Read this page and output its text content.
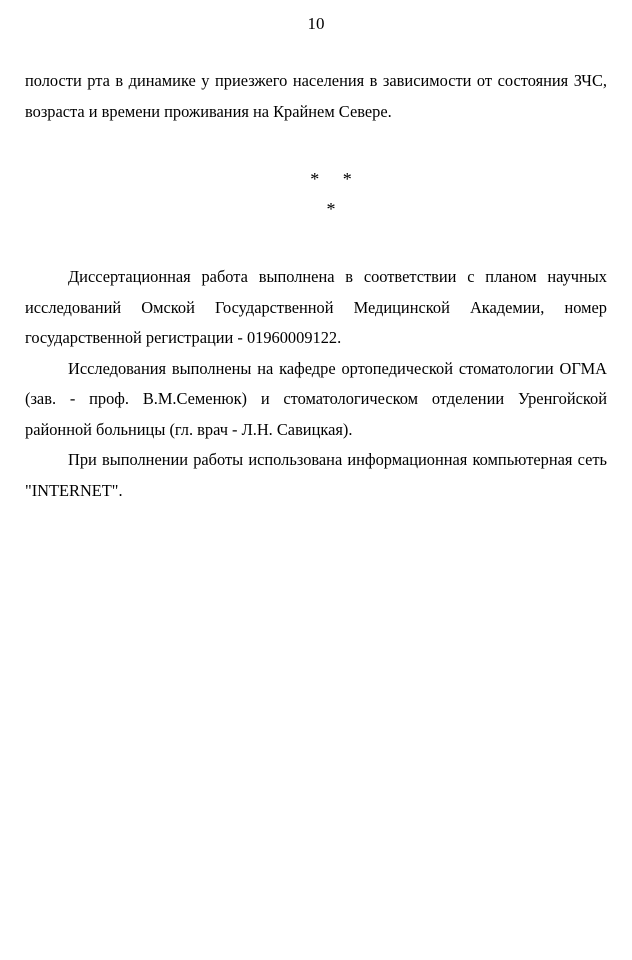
10

полости рта в динамике у приезжего населения в зависимости от состояния ЗЧС, возраста и времени проживания на Крайнем Севере.

* *
*

Диссертационная работа выполнена в соответствии с планом научных исследований Омской Государственной Медицинской Академии, номер государственной регистрации - 01960009122.

Исследования выполнены на кафедре ортопедической стоматологии ОГМА (зав. - проф. В.М.Семенюк) и стоматологическом отделении Уренгойской районной больницы (гл. врач - Л.Н. Савицкая).

При выполнении работы использована информационная компьютерная сеть "INTERNET".
